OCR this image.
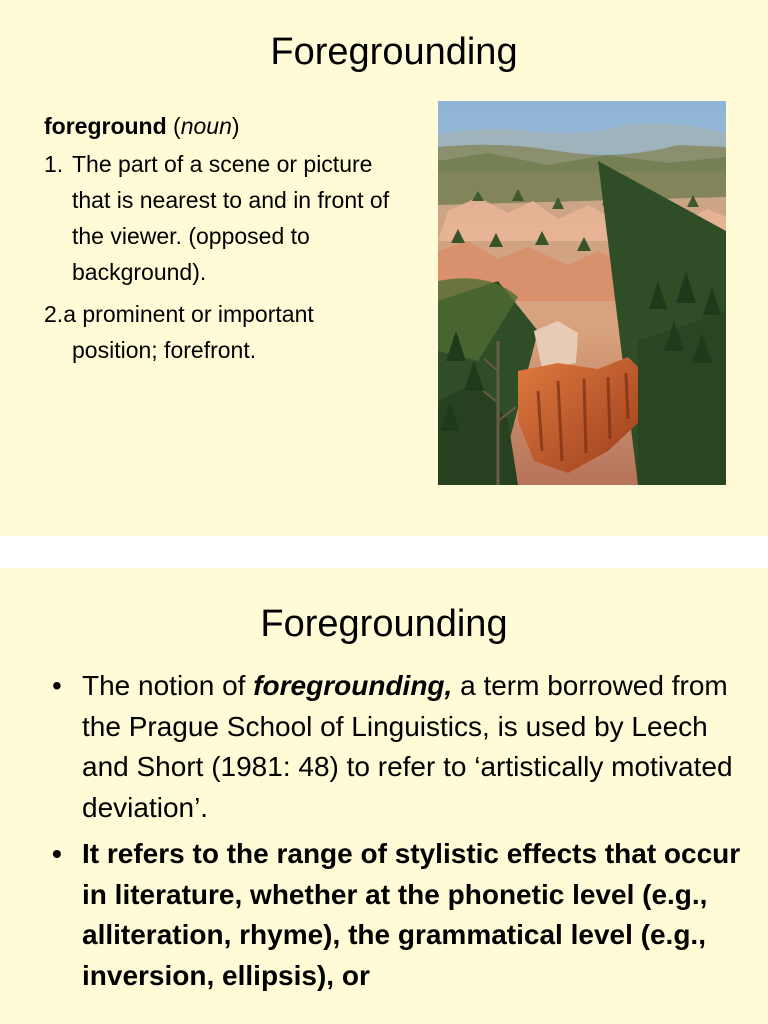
Foregrounding

foreground (noun)

1. The part of a scene or picture that is nearest to and in front of the viewer. (opposed to background).

2.a prominent or important position; forefront.

Foregrounding

• The notion of foregrounding, a term borrowed from the Prague School of Linguistics, is used by Leech and Short (1981: 48) to refer to ‘artistically motivated deviation’.

• It refers to the range of stylistic effects that occur in literature, whether at the phonetic level (e.g., alliteration, rhyme), the grammatical level (e.g., inversion, ellipsis), or
